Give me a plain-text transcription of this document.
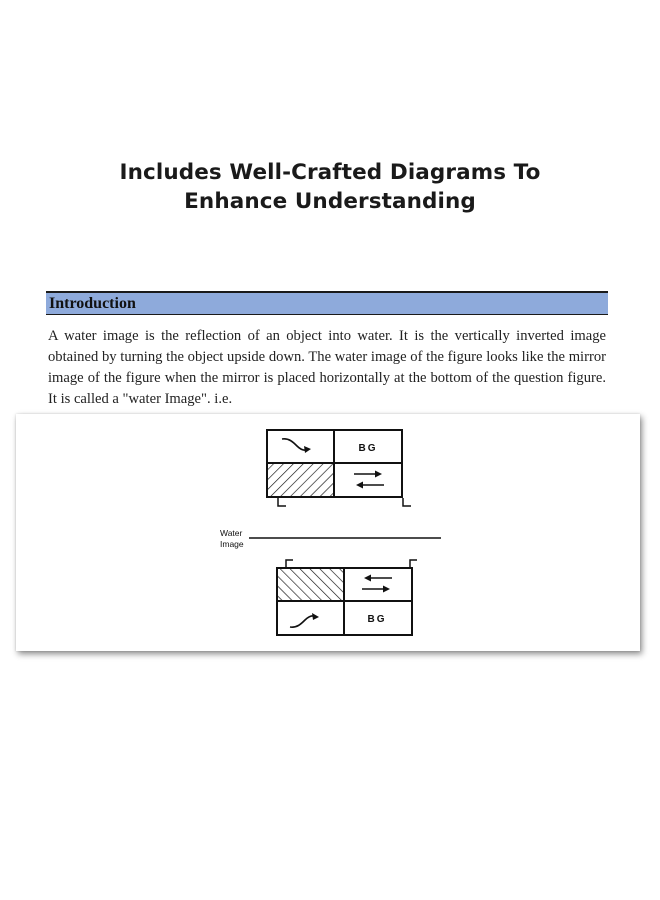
Includes Well-Crafted Diagrams To
Enhance Understanding
Introduction
A water image is the reflection of an object into water. It is the vertically inverted image obtained by turning the object upside down. The water image of the figure looks like the mirror image of the figure when the mirror is placed horizontally at the bottom of the question figure. It is called a "water Image". i.e.
BG
Water
Image
BG
